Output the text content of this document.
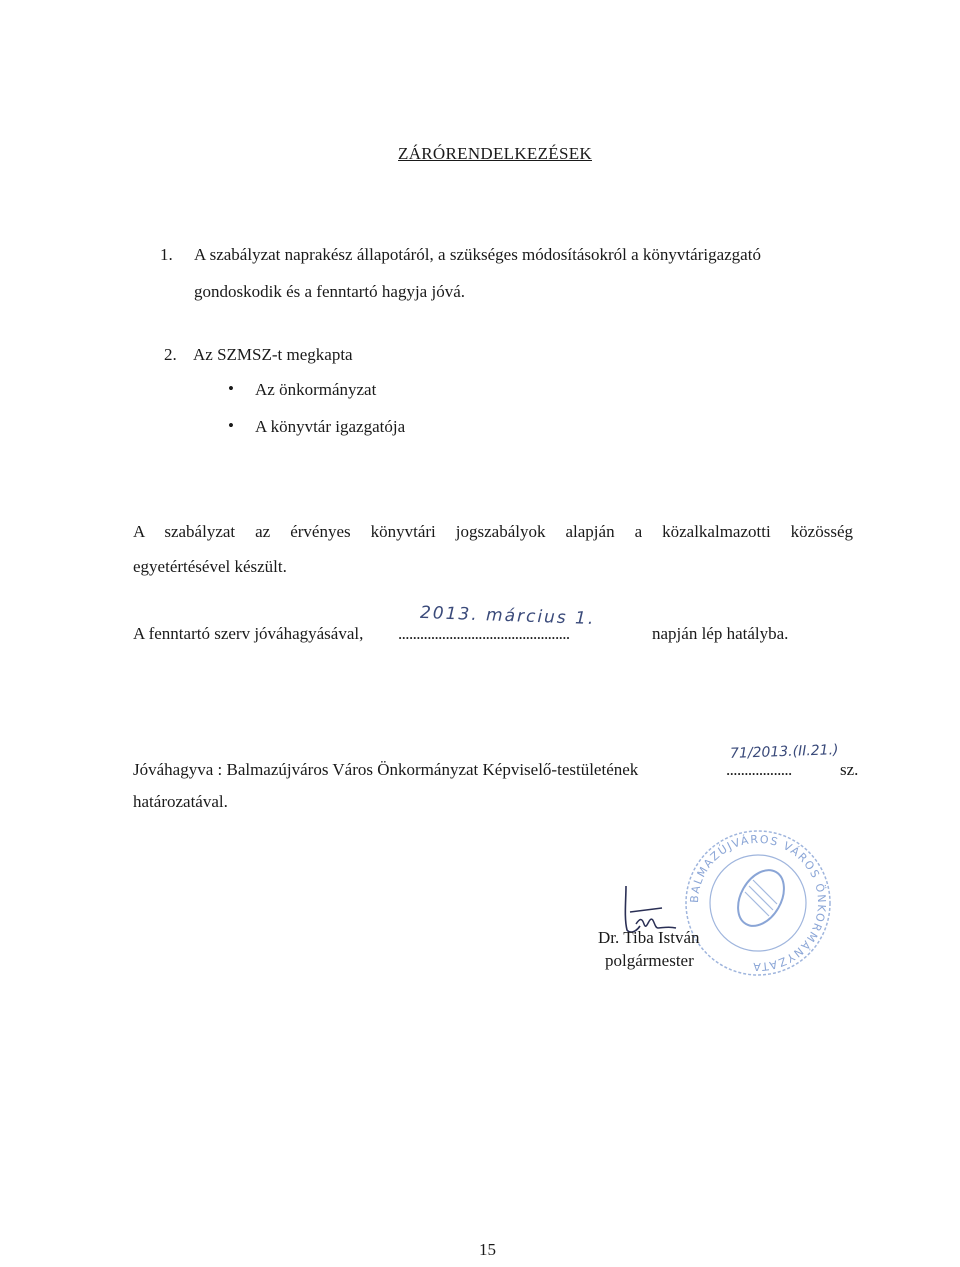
ZÁRÓRENDELKEZÉSEK
1. A szabályzat naprakész állapotáról, a szükséges módosításokról a könyvtárigazgató
gondoskodik és a fenntartó hagyja jóvá.
2. Az SZMSZ-t megkapta
• Az önkormányzat
• A könyvtár igazgatója
A szabályzat az érvényes könyvtári jogszabályok alapján a közalkalmazotti közösség
egyetértésével készült.
A fenntartó szerv jóváhagyásával, ...............................................	napján lép hatályba.
2013. március 1.
Jóváhagyva : Balmazújváros Város Önkormányzat Képviselő-testületének	..................	sz.
71/2013.(II.21.)
határozatával.
BALMAZÚJVÁROS VÁROS ÖNKORMÁNYZATA
Dr. Tiba István
polgármester
15
